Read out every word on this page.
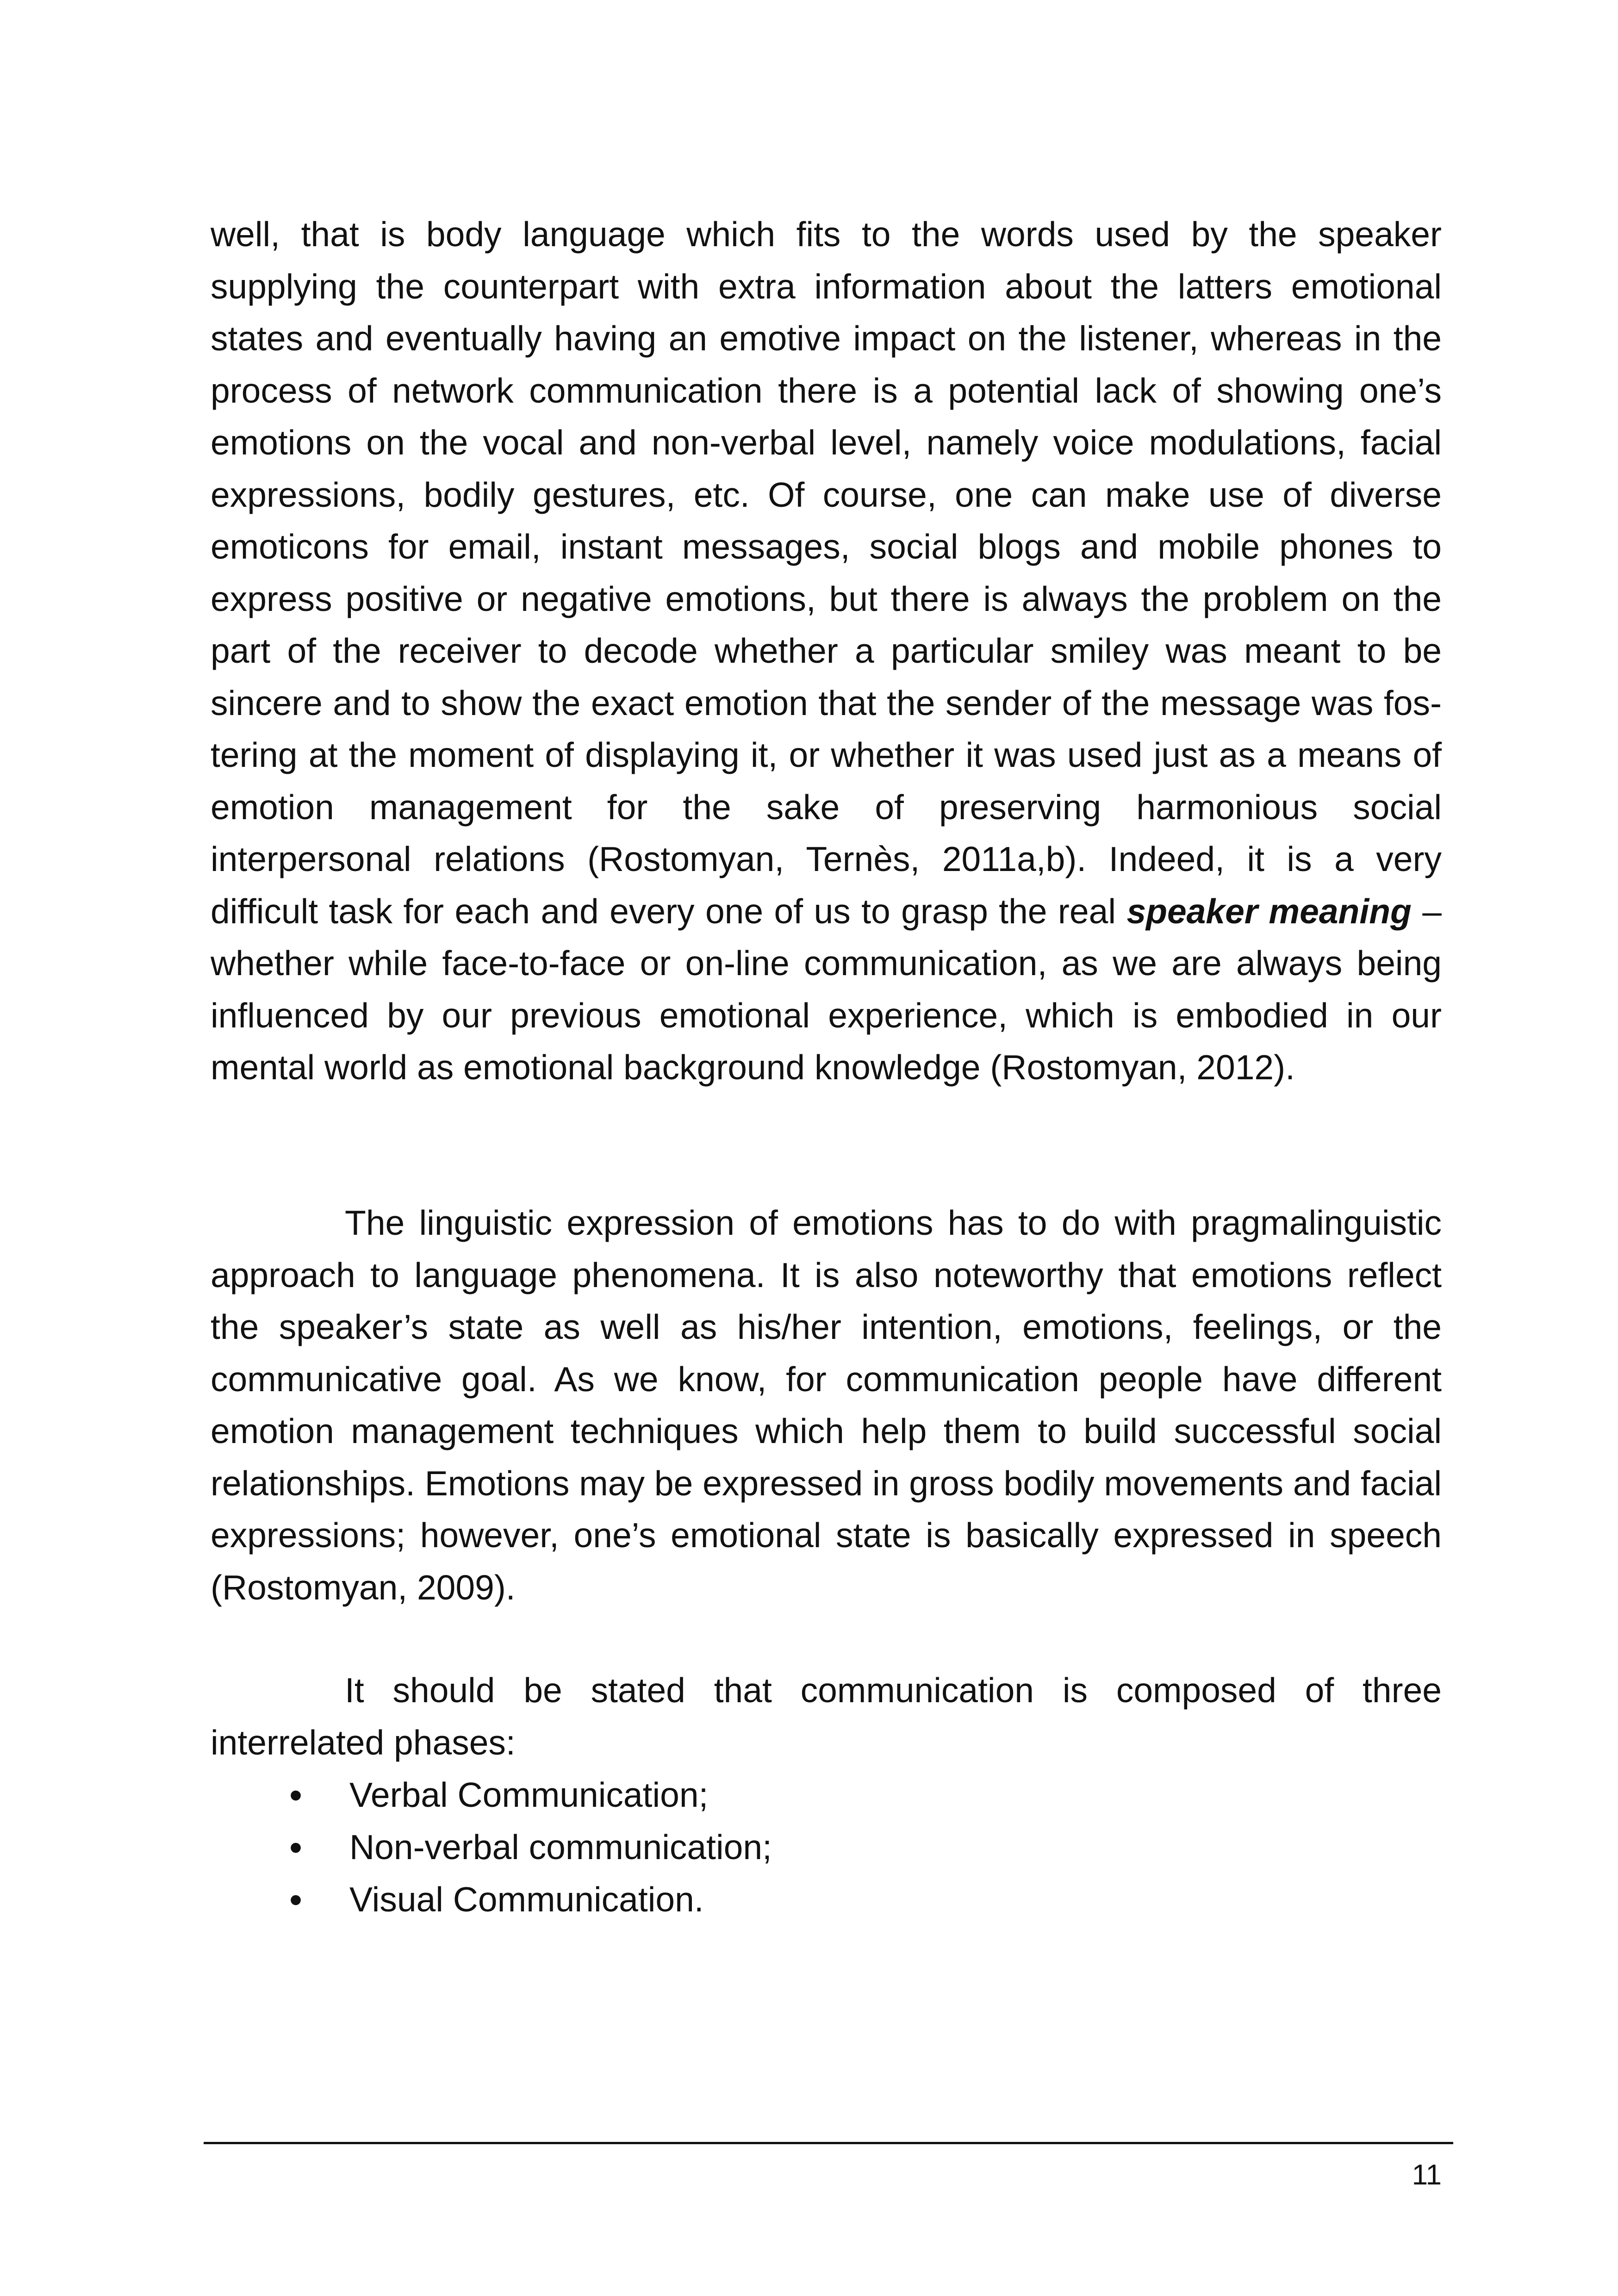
well, that is body language which fits to the words used by the speaker supplying the counterpart with extra information about the latters emotional states and eventually having an emotive impact on the listener, whereas in the process of network communication there is a potential lack of showing one’s emotions on the vocal and non-verbal level, namely voice modulations, facial expressions, bodily gestures, etc. Of course, one can make use of diverse emoticons for email, instant messages, social blogs and mobile phones to express positive or negative emotions, but there is always the problem on the part of the receiver to decode whether a particular smiley was meant to be sincere and to show the exact emotion that the sender of the message was fostering at the moment of displaying it, or whether it was used just as a means of emotion management for the sake of preserving harmonious social interpersonal relations (Rostomyan, Ternès, 2011a,b). Indeed, it is a very difficult task for each and every one of us to grasp the real speaker meaning – whether while face-to-face or on-line communication, as we are always being influenced by our previous emotional experience, which is embodied in our mental world as emotional background knowledge (Rostomyan, 2012).

The linguistic expression of emotions has to do with pragmalinguistic approach to language phenomena. It is also noteworthy that emotions reflect the speaker’s state as well as his/her intention, emotions, feelings, or the communicative goal. As we know, for communication people have different emotion management techniques which help them to build successful social relationships. Emotions may be expressed in gross bodily movements and facial expressions; however, one’s emotional state is basically expressed in speech (Rostomyan, 2009).

It should be stated that communication is composed of three interrelated phases:

• Verbal Communication;
• Non-verbal communication;
• Visual Communication.
11
